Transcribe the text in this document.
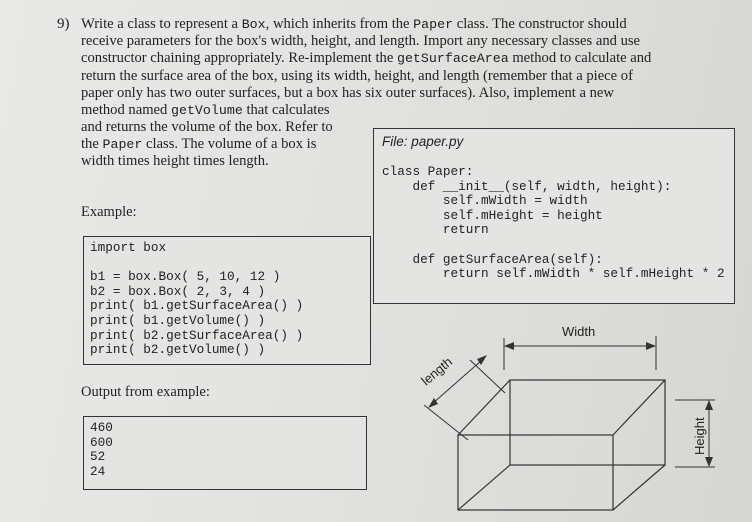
9) Write a class to represent a Box, which inherits from the Paper class. The constructor should
receive parameters for the box's width, height, and length. Import any necessary classes and use
constructor chaining appropriately. Re-implement the getSurfaceArea method to calculate and
return the surface area of the box, using its width, height, and length (remember that a piece of
paper only has two outer surfaces, but a box has six outer surfaces). Also, implement a new
method named getVolume that calculates
and returns the volume of the box. Refer to
the Paper class. The volume of a box is
width times height times length.
Example:
import box

b1 = box.Box( 5, 10, 12 )
b2 = box.Box( 2, 3, 4 )
print( b1.getSurfaceArea() )
print( b1.getVolume() )
print( b2.getSurfaceArea() )
print( b2.getVolume() )
Output from example:
460
600
52
24
File: paper.py
class Paper:
def __init__(self, width, height):
self.mWidth = width
self.mHeight = height
return

def getSurfaceArea(self):
return self.mWidth * self.mHeight * 2
Width
length
Height
